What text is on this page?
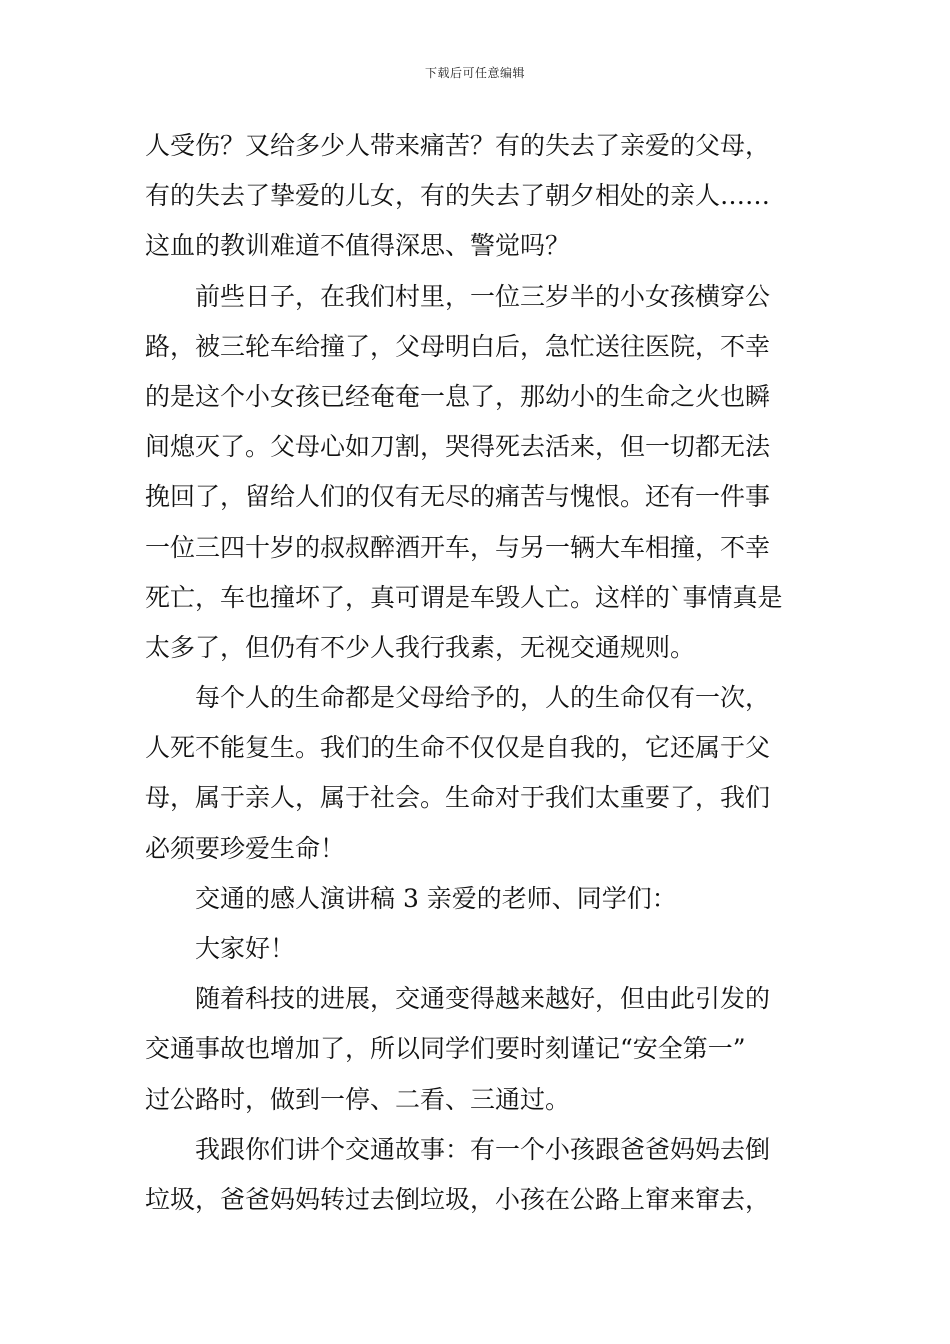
下载后可任意编辑
人受伤？又给多少人带来痛苦？有的失去了亲爱的父母，
有的失去了挚爱的儿女，有的失去了朝夕相处的亲人……
这血的教训难道不值得深思、警觉吗？
前些日子，在我们村里，一位三岁半的小女孩横穿公
路，被三轮车给撞了，父母明白后，急忙送往医院，不幸
的是这个小女孩已经奄奄一息了，那幼小的生命之火也瞬
间熄灭了。父母心如刀割，哭得死去活来，但一切都无法
挽回了，留给人们的仅有无尽的痛苦与愧恨。还有一件事
一位三四十岁的叔叔醉酒开车，与另一辆大车相撞，不幸
死亡，车也撞坏了，真可谓是车毁人亡。这样的`事情真是
太多了，但仍有不少人我行我素，无视交通规则。
每个人的生命都是父母给予的，人的生命仅有一次，
人死不能复生。我们的生命不仅仅是自我的，它还属于父
母，属于亲人，属于社会。生命对于我们太重要了，我们
必须要珍爱生命！
交通的感人演讲稿 3 亲爱的老师、同学们：
大家好！
随着科技的进展，交通变得越来越好，但由此引发的
交通事故也增加了，所以同学们要时刻谨记“安全第一”
过公路时，做到一停、二看、三通过。
我跟你们讲个交通故事：有一个小孩跟爸爸妈妈去倒
垃圾，爸爸妈妈转过去倒垃圾，小孩在公路上窜来窜去，
